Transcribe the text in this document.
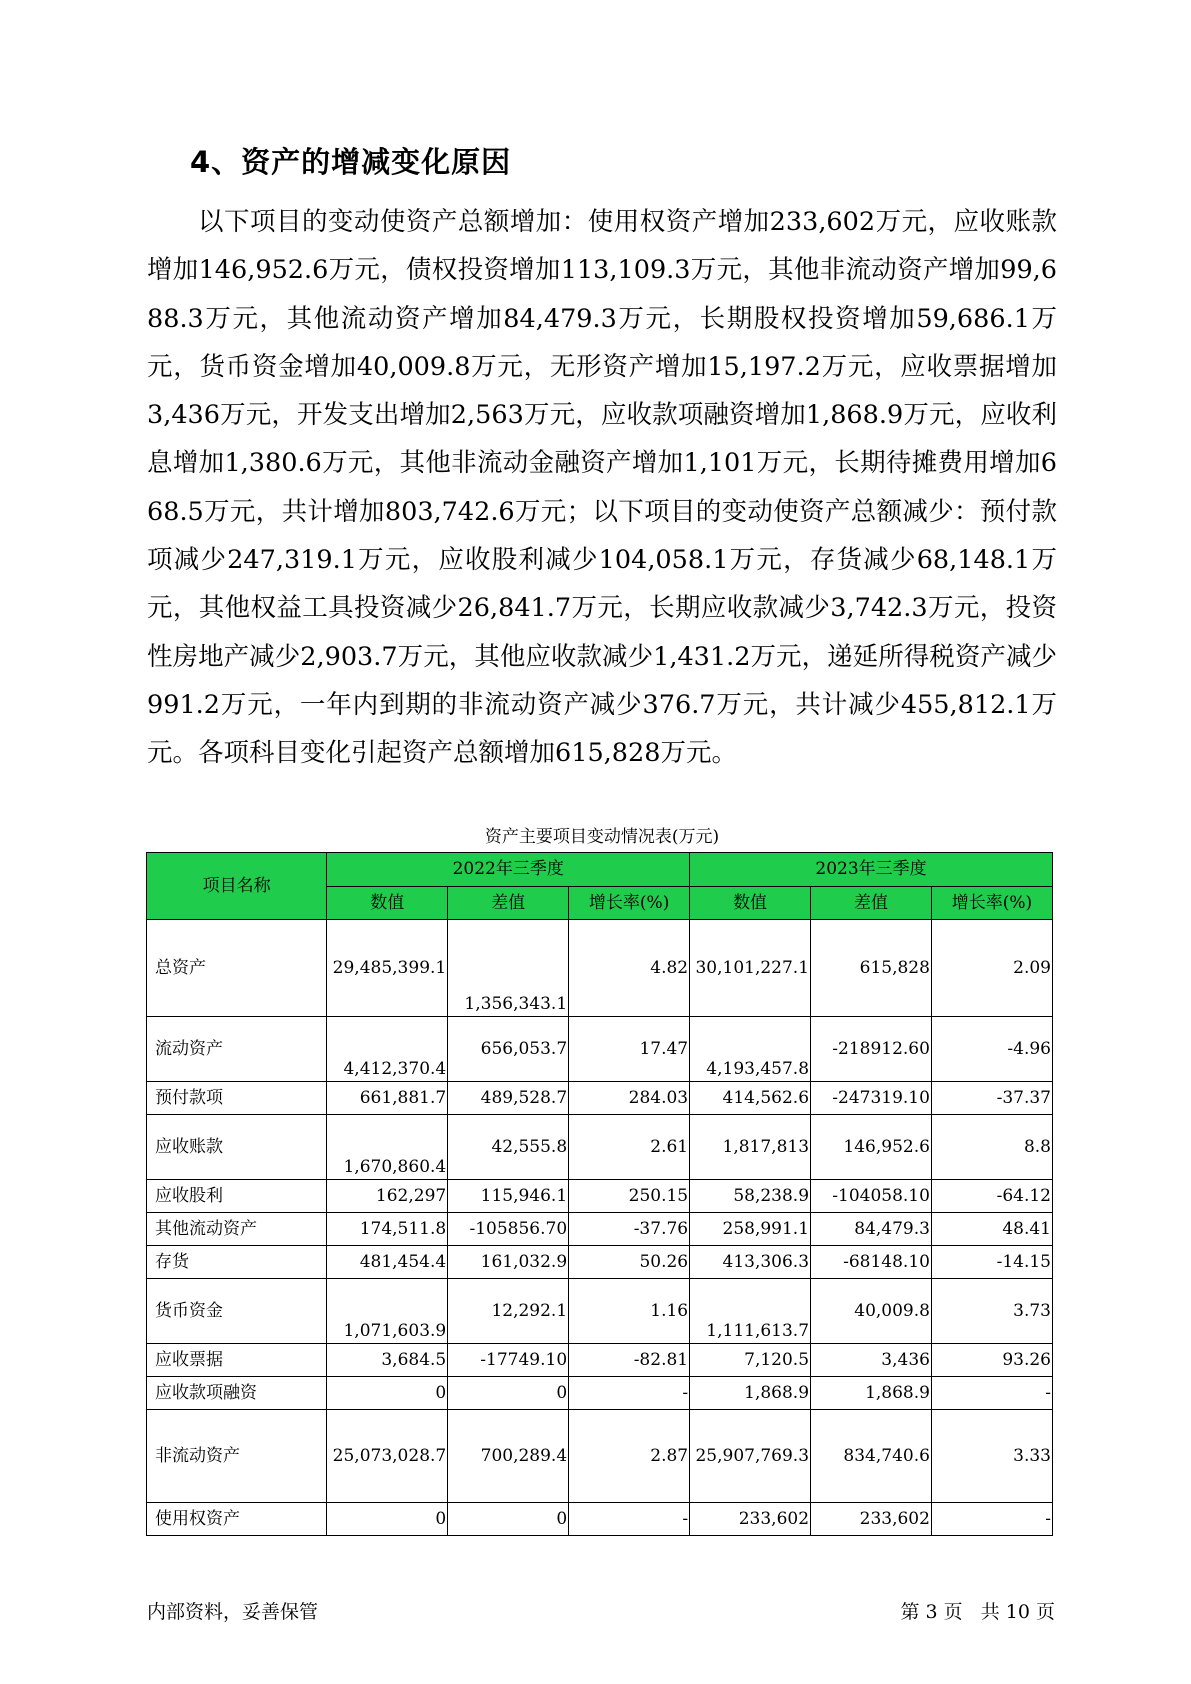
4、资产的增减变化原因

以下项目的变动使资产总额增加：使用权资产增加233,602万元，应收账款增加146,952.6万元，债权投资增加113,109.3万元，其他非流动资产增加99,688.3万元，其他流动资产增加84,479.3万元，长期股权投资增加59,686.1万元，货币资金增加40,009.8万元，无形资产增加15,197.2万元，应收票据增加3,436万元，开发支出增加2,563万元，应收款项融资增加1,868.9万元，应收利息增加1,380.6万元，其他非流动金融资产增加1,101万元，长期待摊费用增加668.5万元，共计增加803,742.6万元；以下项目的变动使资产总额减少：预付款项减少247,319.1万元，应收股利减少104,058.1万元，存货减少68,148.1万元，其他权益工具投资减少26,841.7万元，长期应收款减少3,742.3万元，投资性房地产减少2,903.7万元，其他应收款减少1,431.2万元，递延所得税资产减少991.2万元，一年内到期的非流动资产减少376.7万元，共计减少455,812.1万元。各项科目变化引起资产总额增加615,828万元。

资产主要项目变动情况表(万元)
项目名称	2022年三季度			2023年三季度		
	数值	差值	增长率(%)	数值	差值	增长率(%)
总资产	29,485,399.1	1,356,343.1	4.82	30,101,227.1	615,828	2.09
流动资产	4,412,370.4	656,053.7	17.47	4,193,457.8	-218912.60	-4.96
预付款项	661,881.7	489,528.7	284.03	414,562.6	-247319.10	-37.37
应收账款	1,670,860.4	42,555.8	2.61	1,817,813	146,952.6	8.8
应收股利	162,297	115,946.1	250.15	58,238.9	-104058.10	-64.12
其他流动资产	174,511.8	-105856.70	-37.76	258,991.1	84,479.3	48.41
存货	481,454.4	161,032.9	50.26	413,306.3	-68148.10	-14.15
货币资金	1,071,603.9	12,292.1	1.16	1,111,613.7	40,009.8	3.73
应收票据	3,684.5	-17749.10	-82.81	7,120.5	3,436	93.26
应收款项融资	0	0	-	1,868.9	1,868.9	-
非流动资产	25,073,028.7	700,289.4	2.87	25,907,769.3	834,740.6	3.33
使用权资产	0	0	-	233,602	233,602	-
内部资料，妥善保管	第 3 页   共 10 页
